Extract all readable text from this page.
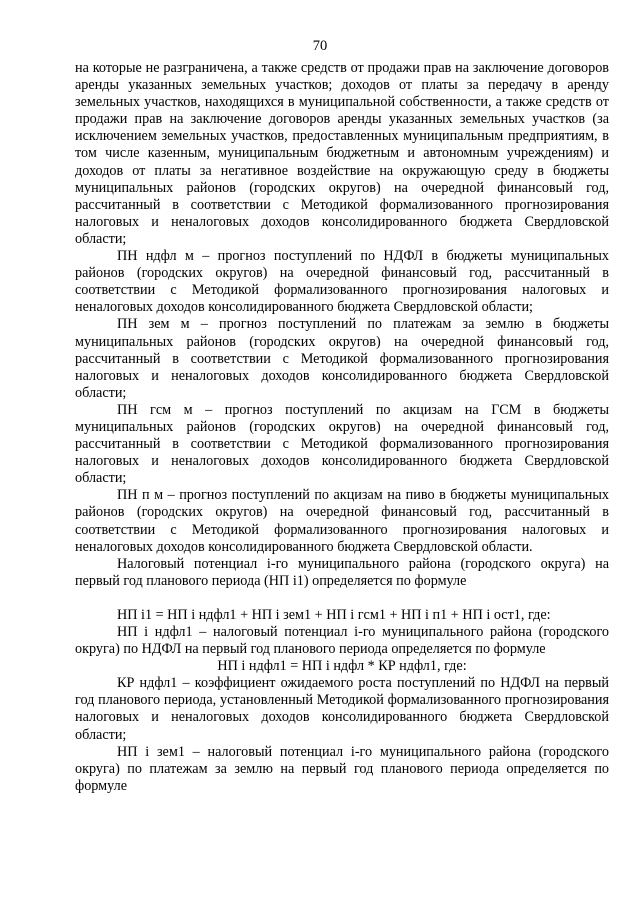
70

на которые не разграничена, а также средств от продажи прав на заключение договоров аренды указанных земельных участков; доходов от платы за передачу в аренду земельных участков, находящихся в муниципальной собственности, а также средств от продажи прав на заключение договоров аренды указанных земельных участков (за исключением земельных участков, предоставленных муниципальным предприятиям, в том числе казенным, муниципальным бюджетным и автономным учреждениям) и доходов от платы за негативное воздействие на окружающую среду в бюджеты муниципальных районов (городских округов) на очередной финансовый год, рассчитанный в соответствии с Методикой формализованного прогнозирования налоговых и неналоговых доходов консолидированного бюджета Свердловской области;

ПН ндфл м – прогноз поступлений по НДФЛ в бюджеты муниципальных районов (городских округов) на очередной финансовый год, рассчитанный в соответствии с Методикой формализованного прогнозирования налоговых и неналоговых доходов консолидированного бюджета Свердловской области;

ПН зем м – прогноз поступлений по платежам за землю в бюджеты муниципальных районов (городских округов) на очередной финансовый год, рассчитанный в соответствии с Методикой формализованного прогнозирования налоговых и неналоговых доходов консолидированного бюджета Свердловской области;

ПН гсм м – прогноз поступлений по акцизам на ГСМ в бюджеты муниципальных районов (городских округов) на очередной финансовый год, рассчитанный в соответствии с Методикой формализованного прогнозирования налоговых и неналоговых доходов консолидированного бюджета Свердловской области;

ПН п м – прогноз поступлений по акцизам на пиво в бюджеты муниципальных районов (городских округов) на очередной финансовый год, рассчитанный в соответствии с Методикой формализованного прогнозирования налоговых и неналоговых доходов консолидированного бюджета Свердловской области.

Налоговый потенциал i-го муниципального района (городского округа) на первый год планового периода (НП i1) определяется по формуле

НП i1 = НП i ндфл1 + НП i зем1 + НП i гсм1 + НП i п1 + НП i ост1, где:

НП i ндфл1 – налоговый потенциал i-го муниципального района (городского округа) по НДФЛ на первый год планового периода определяется по формуле

НП i ндфл1 = НП i ндфл * КР ндфл1, где:

КР ндфл1 – коэффициент ожидаемого роста поступлений по НДФЛ на первый год планового периода, установленный Методикой формализованного прогнозирования налоговых и неналоговых доходов консолидированного бюджета Свердловской области;

НП i зем1 – налоговый потенциал i-го муниципального района (городского округа) по платежам за землю на первый год планового периода определяется по формуле
